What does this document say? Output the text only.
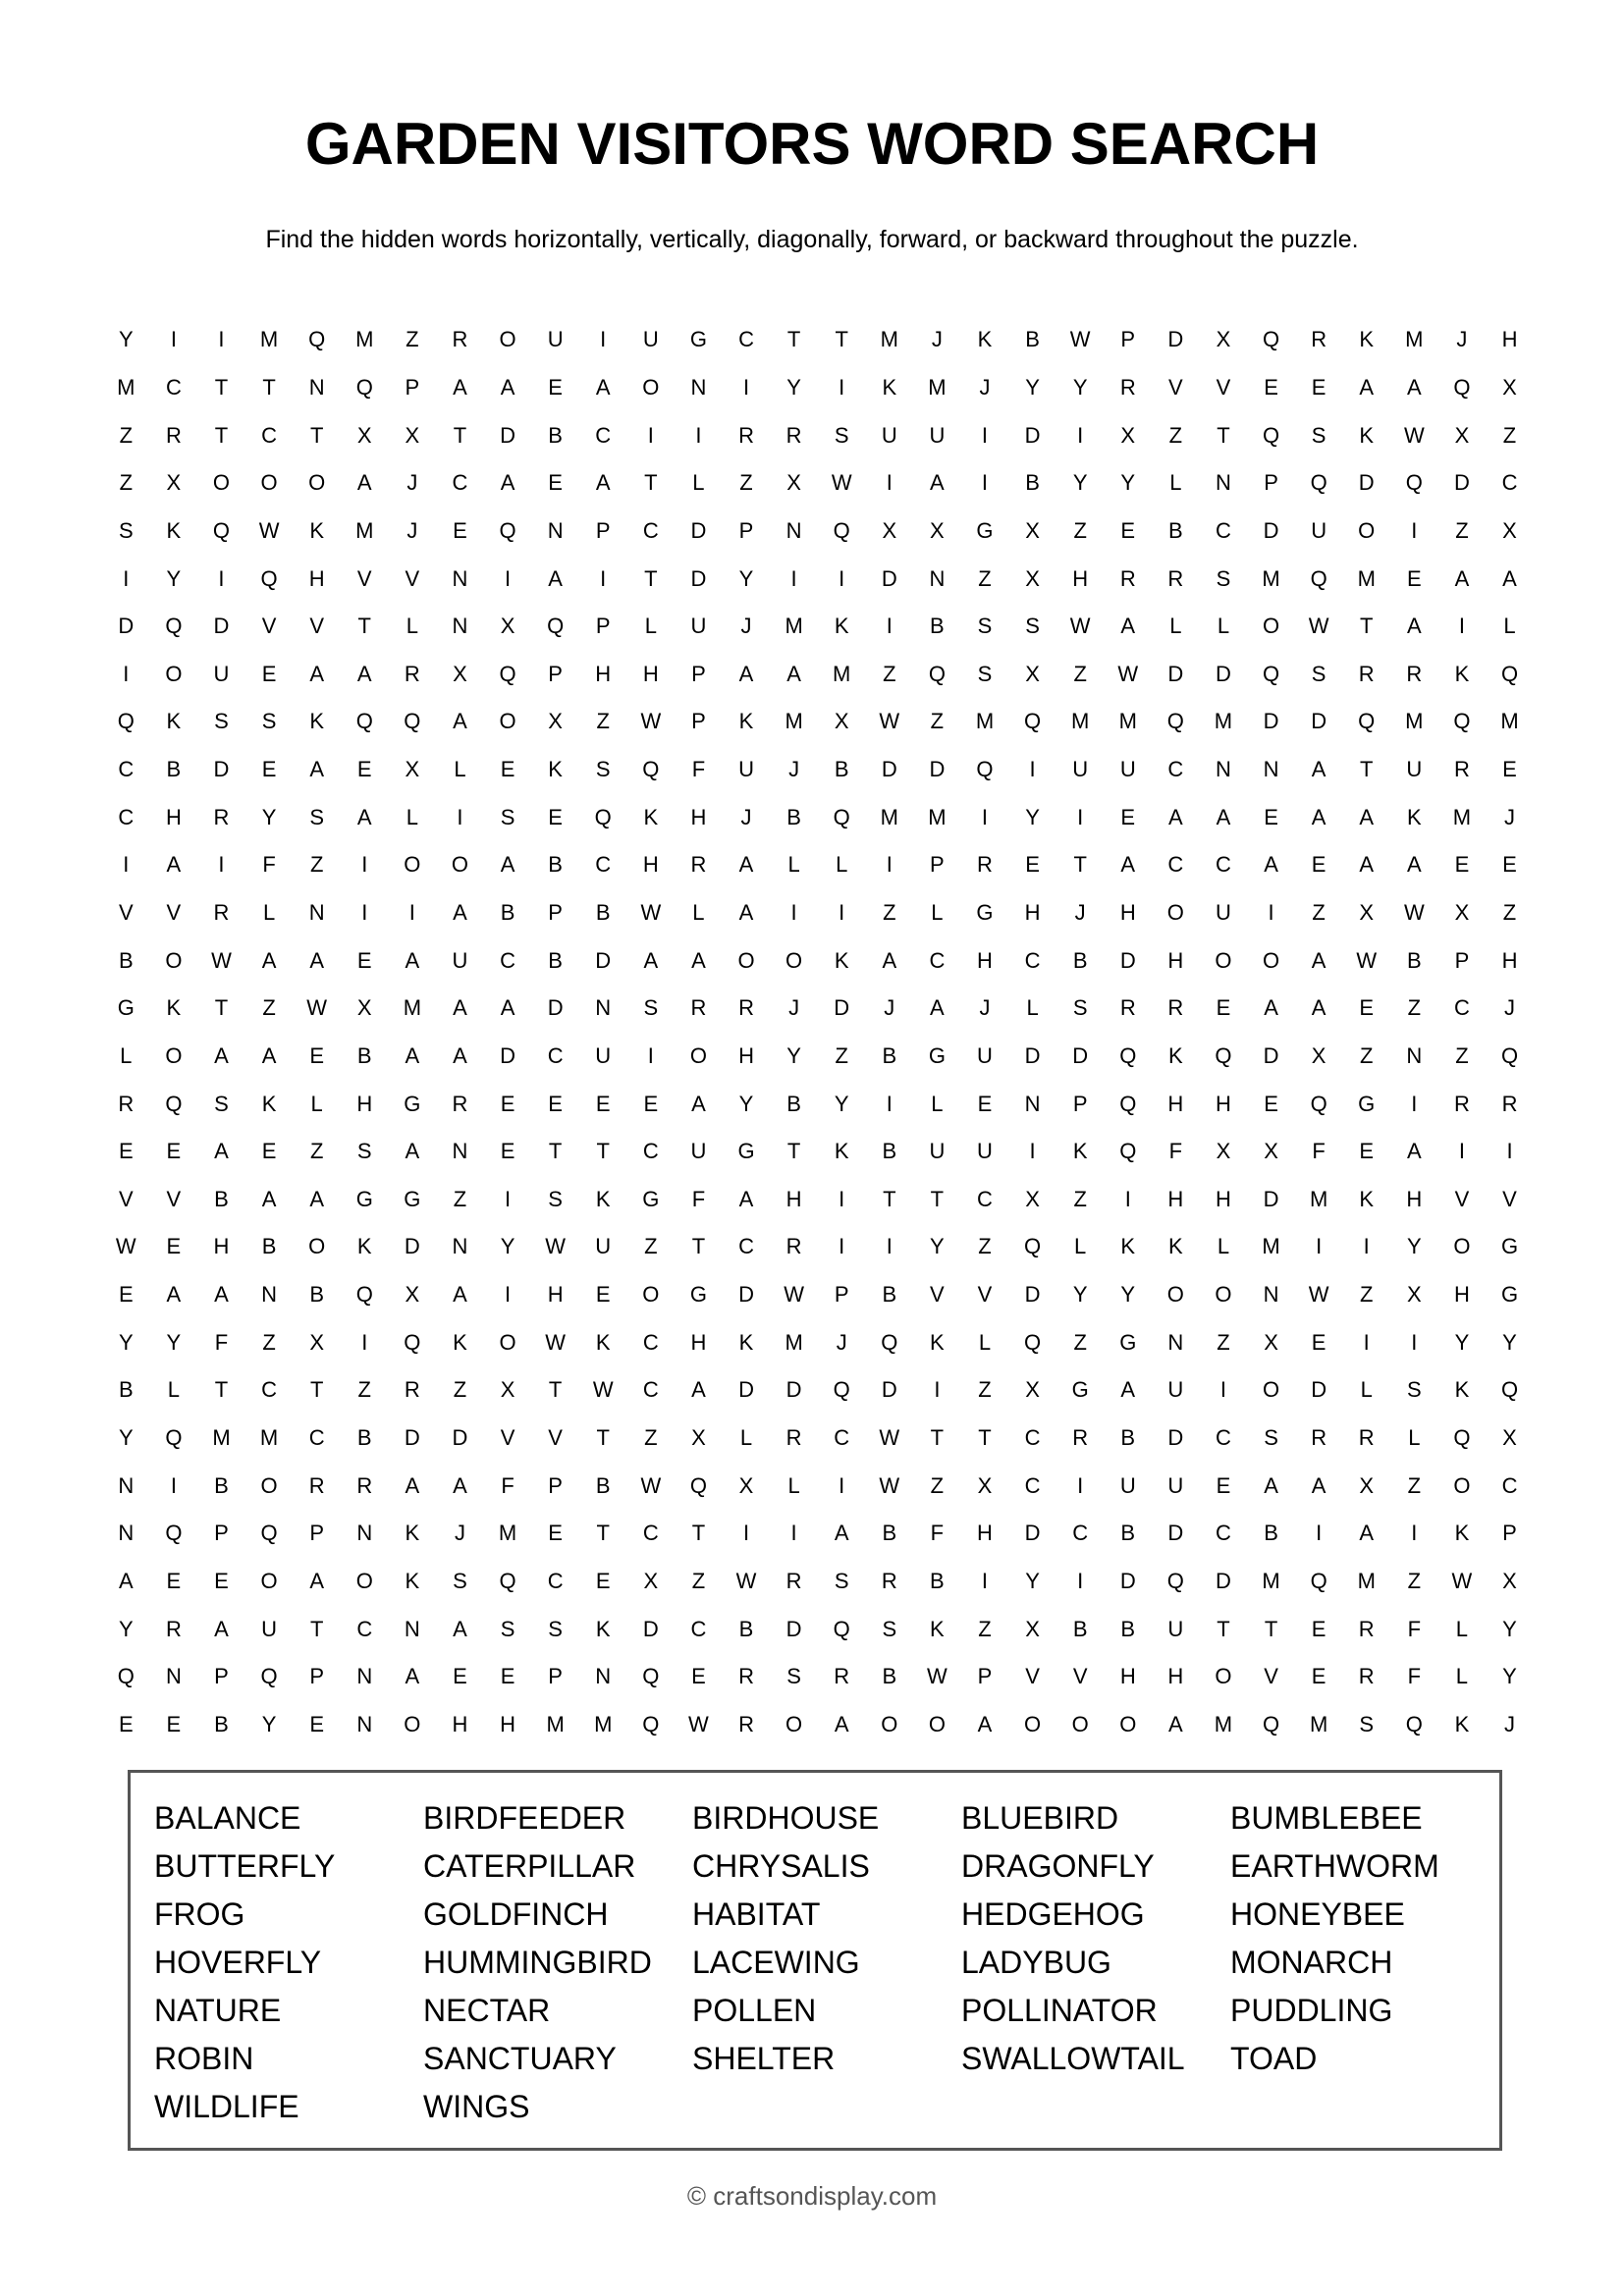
GARDEN VISITORS WORD SEARCH
Find the hidden words horizontally, vertically, diagonally, forward, or backward throughout the puzzle.
Y	I	I	M	Q	M	Z	R	O	U	I	U	G	C	T	T	M	J	K	B	W	P	D	X	Q	R	K	M	J	H
M	C	T	T	N	Q	P	A	A	E	A	O	N	I	Y	I	K	M	J	Y	Y	R	V	V	E	E	A	A	Q	X
Z	R	T	C	T	X	X	T	D	B	C	I	I	R	R	S	U	U	I	D	I	X	Z	T	Q	S	K	W	X	Z
Z	X	O	O	O	A	J	C	A	E	A	T	L	Z	X	W	I	A	I	B	Y	Y	L	N	P	Q	D	Q	D	C
S	K	Q	W	K	M	J	E	Q	N	P	C	D	P	N	Q	X	X	G	X	Z	E	B	C	D	U	O	I	Z	X
I	Y	I	Q	H	V	V	N	I	A	I	T	D	Y	I	I	D	N	Z	X	H	R	R	S	M	Q	M	E	A	A
D	Q	D	V	V	T	L	N	X	Q	P	L	U	J	M	K	I	B	S	S	W	A	L	L	O	W	T	A	I	L
I	O	U	E	A	A	R	X	Q	P	H	H	P	A	A	M	Z	Q	S	X	Z	W	D	D	Q	S	R	R	K	Q
Q	K	S	S	K	Q	Q	A	O	X	Z	W	P	K	M	X	W	Z	M	Q	M	M	Q	M	D	D	Q	M	Q	M
C	B	D	E	A	E	X	L	E	K	S	Q	F	U	J	B	D	D	Q	I	U	U	C	N	N	A	T	U	R	E
C	H	R	Y	S	A	L	I	S	E	Q	K	H	J	B	Q	M	M	I	Y	I	E	A	A	E	A	A	K	M	J
I	A	I	F	Z	I	O	O	A	B	C	H	R	A	L	L	I	P	R	E	T	A	C	C	A	E	A	A	E	E
V	V	R	L	N	I	I	A	B	P	B	W	L	A	I	I	Z	L	G	H	J	H	O	U	I	Z	X	W	X	Z
B	O	W	A	A	E	A	U	C	B	D	A	A	O	O	K	A	C	H	C	B	D	H	O	O	A	W	B	P	H
G	K	T	Z	W	X	M	A	A	D	N	S	R	R	J	D	J	A	J	L	S	R	R	E	A	A	E	Z	C	J
L	O	A	A	E	B	A	A	D	C	U	I	O	H	Y	Z	B	G	U	D	D	Q	K	Q	D	X	Z	N	Z	Q
R	Q	S	K	L	H	G	R	E	E	E	E	A	Y	B	Y	I	L	E	N	P	Q	H	H	E	Q	G	I	R	R
E	E	A	E	Z	S	A	N	E	T	T	C	U	G	T	K	B	U	U	I	K	Q	F	X	X	F	E	A	I	I
V	V	B	A	A	G	G	Z	I	S	K	G	F	A	H	I	T	T	C	X	Z	I	H	H	D	M	K	H	V	V
W	E	H	B	O	K	D	N	Y	W	U	Z	T	C	R	I	I	Y	Z	Q	L	K	K	L	M	I	I	Y	O	G
E	A	A	N	B	Q	X	A	I	H	E	O	G	D	W	P	B	V	V	D	Y	Y	O	O	N	W	Z	X	H	G
Y	Y	F	Z	X	I	Q	K	O	W	K	C	H	K	M	J	Q	K	L	Q	Z	G	N	Z	X	E	I	I	Y	Y
B	L	T	C	T	Z	R	Z	X	T	W	C	A	D	D	Q	D	I	Z	X	G	A	U	I	O	D	L	S	K	Q
Y	Q	M	M	C	B	D	D	V	V	T	Z	X	L	R	C	W	T	T	C	R	B	D	C	S	R	R	L	Q	X
N	I	B	O	R	R	A	A	F	P	B	W	Q	X	L	I	W	Z	X	C	I	U	U	E	A	A	X	Z	O	C
N	Q	P	Q	P	N	K	J	M	E	T	C	T	I	I	A	B	F	H	D	C	B	D	C	B	I	A	I	K	P
A	E	E	O	A	O	K	S	Q	C	E	X	Z	W	R	S	R	B	I	Y	I	D	Q	D	M	Q	M	Z	W	X
Y	R	A	U	T	C	N	A	S	S	K	D	C	B	D	Q	S	K	Z	X	B	B	U	T	T	E	R	F	L	Y
Q	N	P	Q	P	N	A	E	E	P	N	Q	E	R	S	R	B	W	P	V	V	H	H	O	V	E	R	F	L	Y
E	E	B	Y	E	N	O	H	H	M	M	Q	W	R	O	A	O	O	A	O	O	O	A	M	Q	M	S	Q	K	J
BALANCE	BIRDFEEDER	BIRDHOUSE	BLUEBIRD	BUMBLEBEE
BUTTERFLY	CATERPILLAR	CHRYSALIS	DRAGONFLY	EARTHWORM
FROG	GOLDFINCH	HABITAT	HEDGEHOG	HONEYBEE
HOVERFLY	HUMMINGBIRD	LACEWING	LADYBUG	MONARCH
NATURE	NECTAR	POLLEN	POLLINATOR	PUDDLING
ROBIN	SANCTUARY	SHELTER	SWALLOWTAIL	TOAD
WILDLIFE	WINGS
© craftsondisplay.com
